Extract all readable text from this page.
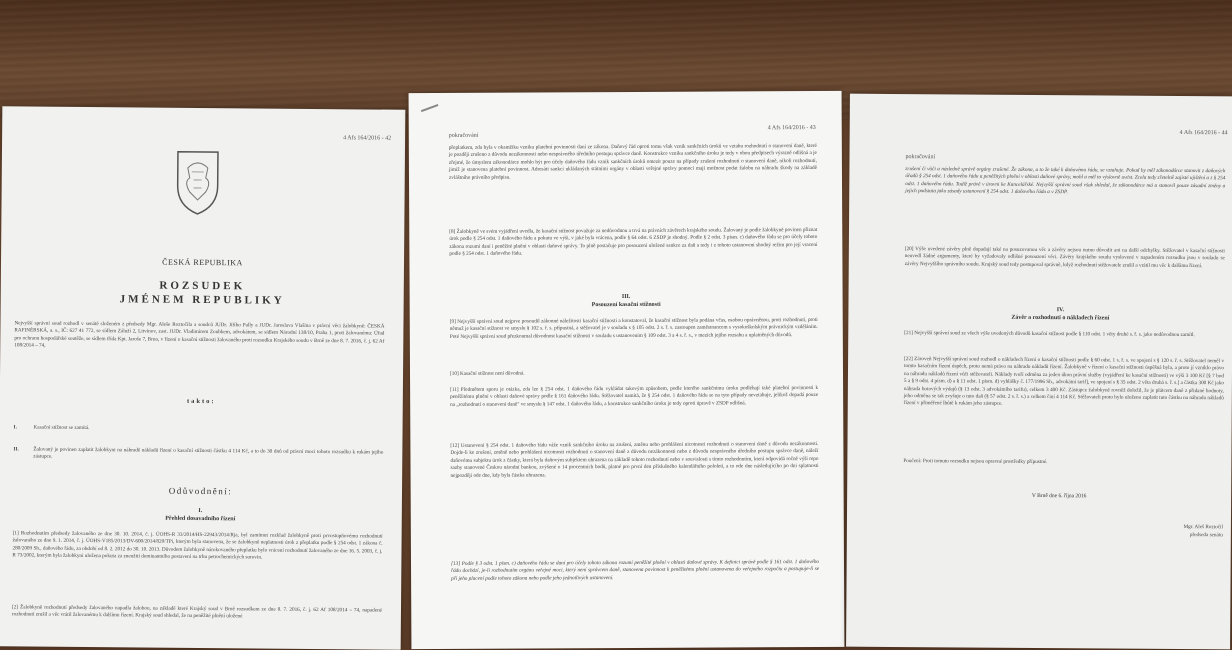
4 Afs 164/2016 - 42
ČESKÁ REPUBLIKA
ROZSUDEK
JMÉNEM REPUBLIKY
Nejvyšší správní soud rozhodl v senátě složeném z předsedy Mgr. Aleše Roztočila a soudců JUDr. Jiřího Pally a JUDr. Jaroslava Vlašína v právní věci žalobkyně: ČESKÁ RAFINÉRSKÁ, a. s., IČ: 627 41 772, se sídlem Záluží 2, Litvínov, zast. JUDr. Vladimírem Zoubkem, advokátem, se sídlem Národní 138/10, Praha 1, proti žalovanému: Úřad pro ochranu hospodářské soutěže, se sídlem třída Kpt. Jaroše 7, Brno, v řízení o kasační stížnosti žalovaného proti rozsudku Krajského soudu v Brně ze dne 8. 7. 2016, č. j. 62 Af 108/2014 – 74,
takto:
I.	Kasační stížnost se zamítá.
II.	Žalovaný je povinen zaplatit žalobkyni na náhradě nákladů řízení o kasační stížnosti částku 4 114 Kč, a to do 30 dnů od právní moci tohoto rozsudku k rukám jejího zástupce.
Odůvodnění:
I.
Přehled dosavadního řízení
[1] Rozhodnutím předsedy žalovaného ze dne 30. 10. 2014, č. j. ÚOHS-R 33/2014/HS-22943/2014/Rja, byl zamítnut rozklad žalobkyně proti prvostupňovému rozhodnutí žalovaného ze dne 9. 1. 2014, č. j. ÚOHS-V185/2013/DV-600/2014/820/TPi, kterým byla stanovena, že se žalobkyně neplatnosti úrok z přeplatku podle § 254 odst. 1 zákona č. 280/2009 Sb., daňového řádu, za období od 8. 2. 2012 do 30. 10. 2013. Důvodem žalobkyně nárokovaného přeplatku bylo vrácení rozhodnutí žalovaného ze dne 16. 5. 2003, č. j. R 73/2002, kterým byla žalobkyni uložena pokuta za zneužití dominantního postavení na trhu petrochemických surovin.
[2] Žalobkyně rozhodnutí předsedy žalovaného napadla žalobou, na základě které Krajský soud v Brně rozsudkem ze dne 8. 7. 2016, č. j. 62 Af 108/2014 – 74, napadené rozhodnutí zrušil a věc vrátil žalovanému k dalšímu řízení. Krajský soud shledal, že na peněžité plnění uložené
pokračování
4 Afs 164/2016 - 43
přeplatkem, zda byla v okamžiku vzniku platební povinnosti daní ze zákona. Daňový řád oproti tomu však vznik sankčních úroků ve vztahu rozhodnutí o stanovení daně, které je později zrušeno z důvodu nezákonnosti nebo nesprávného úředního postupu správce daně. Konstrukce vzniku sankčního úroku je tedy v obou předpisech výrazně odlišná a je zřejmé, že úmyslem zákonodárce mohlo být pro účely daňového řádu vznik sankčních úroků omezit pouze na případy zrušení rozhodnutí o stanovení daně, nikoli rozhodnutí, jimiž je stanovena platební povinnost. Adresáti sankcí ukládaných státními orgány v oblasti veřejné správy pomocí mají možnost podat žalobu na náhradu škody na základě zvláštního právního předpisu.
[8] Žalobkyně ve svém vyjádření uvedla, že kasační stížnost považuje za nedůvodnou a trvá na právních závěrech krajského soudu. Žalovaný je podle žalobkyně povinen přiznat úrok podle § 254 odst. 1 daňového řádu a pokutu ve výši, v jaké byla vrácena, podle § 64 odst. 6 ZSDP je shodný. Podle § 2 odst. 3 písm. c) daňového řádu se pro účely tohoto zákona rozumí daní i peněžité plnění v oblasti daňové správy. To plně postačuje pro posouzení uložené sankce za daň a tedy i z tohoto ustanovení shodný režim pro její vracení podle § 254 odst. 1 daňového řádu.
III.
Posouzení kasační stížnosti
[9] Nejvyšší správní soud nejprve posoudil zákonné náležitosti kasační stížnosti a konstatoval, že kasační stížnost byla podána včas, osobou oprávněnou, proti rozhodnutí, proti němuž je kasační stížnost ve smyslu § 102 s. ř. s. přípustná, a stěžovatel je v souladu s § 105 odst. 2 s. ř. s. zastoupen zaměstnancem s vysokoškolským právnickým vzděláním. Poté Nejvyšší správní soud přezkoumal důvodnost kasační stížnosti v souladu s ustanovením § 109 odst. 3 a 4 s. ř. s., v mezích jejího rozsahu a uplatněných důvodů.
[10] Kasační stížnost není důvodná.
[11] Předmětem sporu je otázka, zda lze § 254 odst. 1 daňového řádu vykládat takovým způsobem, podle kterého sankčnímu úroku podléhají také platební povinnosti k peněžitému plnění v oblasti daňové správy podle § 161 daňového řádu. Stěžovatel namítá, že § 254 odst. 1 daňového řádu se na tyto případy nevztahuje, jelikož dopadá pouze na „rozhodnutí o stanovení daně" ve smyslu § 147 odst. 1 daňového řádu, a konstrukce sankčního úroku je tedy oproti úpravě v ZSDP odlišná.
[12] Ustanovení § 254 odst. 1 daňového řádu váže vznik sankčního úroku na zrušení, změnu nebo prohlášení nicotnosti rozhodnutí o stanovení daně z důvodu nezákonnosti. Dojde-li ke zrušení, změně nebo prohlášení nicotnosti rozhodnutí o stanovení daně z důvodu nezákonnosti nebo z důvodu nesprávného úředního postupu správce daně, náleží daňovému subjektu úrok z částky, která byla daňovým subjektem uhrazena na základě tohoto rozhodnutí nebo v souvislosti s tímto rozhodnutím, která odpovídá ročně výši repo sazby stanovené Českou národní bankou, zvýšené o 14 procentních bodů, platné pro první den příslušného kalendářního pololetí, a to ode dne následujícího po dni splatnosti nejpozději ode dne, kdy byla částka uhrazena.
[13] Podle § 3 odst. 1 písm. c) daňového řádu se daní pro účely tohoto zákona rozumí peněžité plnění v oblasti daňové správy. K definici správě podle § 161 odst. 1 daňového řádu dochází, je-li rozhodnutím orgánu veřejné moci, který není správcem daně, stanovena povinnost k peněžitému plnění ustanovena do veřejného rozpočtu a postupuje-li se při jeho placení podle tohoto zákona nebo podle jeho jednotlivých ustanovení.
pokračování
4 Afs 164/2016 - 44
zrušení či vůči a následně správě orgány zrušené. Že zákona, a to že také k daňovému řádu, se vztahuje. Pokud by měl zákonodárce stanovit z daňových úřadů § 254 odst. 1 daňového řádu a peněžitých plnění v oblasti daňové správy, mohl a měl to výslovně uvést. Zcela tedy zřetelně zajisté ujištění a z § 254 odst. 1 daňového řádu. Tudíž právě v úrovni ke Kancelářské. Nejvyšší správní soud však shledal, že zákonodárce má a stanovil pouze zásadní změny a jejich podstata jako zásady ustanovení § 254 odst. 1 daňového řádu a v ZSDP.
[20] Výše uvedené závěry plně dopadají také na posuzovanou věc a závěry nejsou nutno důvodit ani na další odchylky. Stěžovatel v kasační stížnosti neuvedl žádné argumenty, které by vyžadovaly odlišné posouzení věci. Závěry krajského soudu vyslovené v napadeném rozsudku jsou v souladu se závěry Nejvyššího správního soudu. Krajský soud tedy postupoval správně, když rozhodnutí stěžovatele zrušil a vrátil mu věc k dalšímu řízení.
IV.
Závěr a rozhodnutí o nákladech řízení
[21] Nejvyšší správní soud ze všech výše uvedených důvodů kasační stížnost podle § 110 odst. 1 věty druhé s. ř. s. jako nedůvodnou zamítl.
[22] Zároveň Nejvyšší správní soud rozhodl o nákladech řízení o kasační stížnosti podle § 60 odst. 1 s. ř. s. ve spojení s § 120 s. ř. s. Stěžovatel neměl v tomto kasačním řízení úspěch, proto nemá právo na náhradu nákladů řízení. Žalobkyně v řízení o kasační stížnosti úspěšná byla, a proto jí vzniklo právo na náhradu nákladů řízení vůči stěžovateli. Náklady tvoří odměna za jeden úkon právní služby (vyjádření ke kasační stížnosti) ve výši 3 100 Kč [§ 7 bod 5 a § 9 odst. 4 písm. d) a § 11 odst. 1 písm. d) vyhlášky č. 177/1996 Sb., advokátní tarif], ve spojení s § 35 odst. 2 věta druhá s. ř. s.] a částka 300 Kč jako náhrada hotových výdajů (§ 13 odst. 3 advokátního tarifu), celkem 3 400 Kč. Zástupce žalobkyně rovněž doložil, že je plátcem daně z přidané hodnoty, jeho odměna se tak zvyšuje o tuto daň (§ 57 odst. 2 s. ř. s.) a celkem činí 4 114 Kč. Stěžovateli proto bylo uloženo zaplatit tuto částku na náhradu nákladů řízení v přiměřené lhůtě k rukám jeho zástupce.
Poučení: Proti tomuto rozsudku nejsou opravné prostředky přípustné.
V Brně dne 6. října 2016
Mgr. Aleš Roztočil
předseda senátu
